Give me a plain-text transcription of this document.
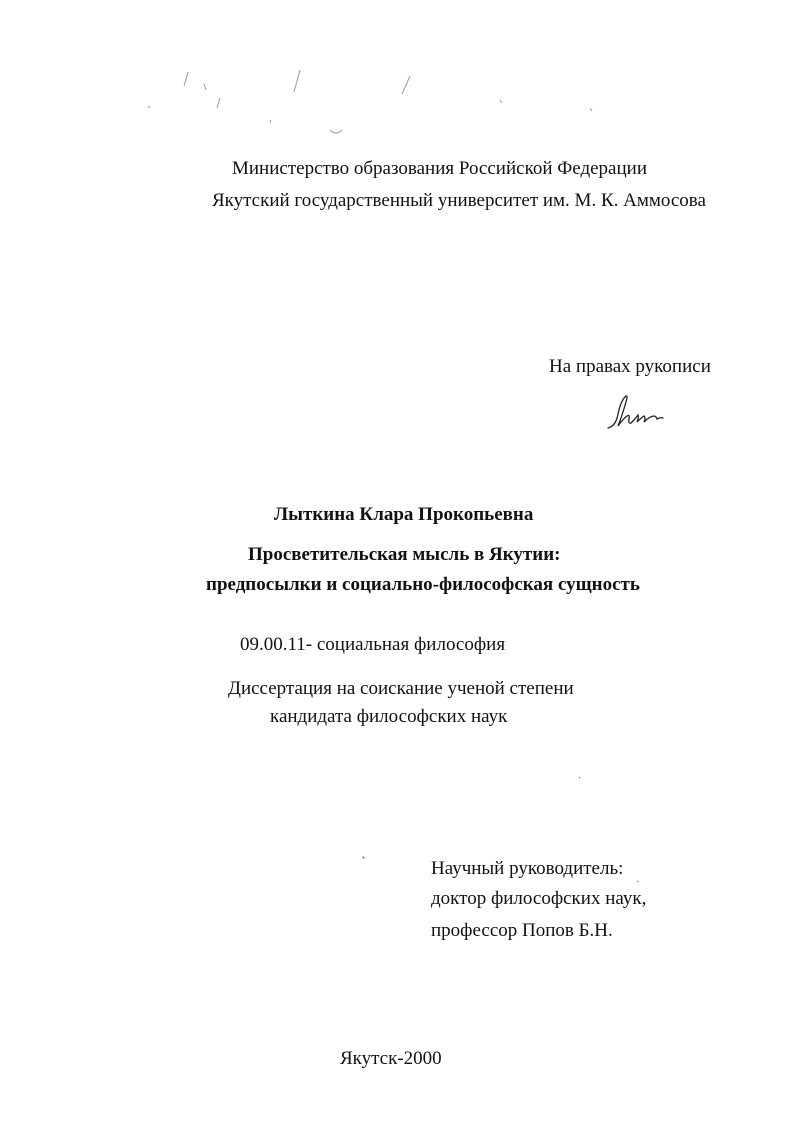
Министерство образования Российской Федерации
Якутский государственный университет им. М. К. Аммосова
На правах рукописи
Лыткина Клара Прокопьевна
Просветительская мысль в Якутии:
предпосылки и социально-философская сущность
09.00.11- социальная философия
Диссертация на соискание ученой степени
кандидата философских наук
Научный руководитель:
доктор философских наук,
профессор Попов Б.Н.
Якутск-2000
